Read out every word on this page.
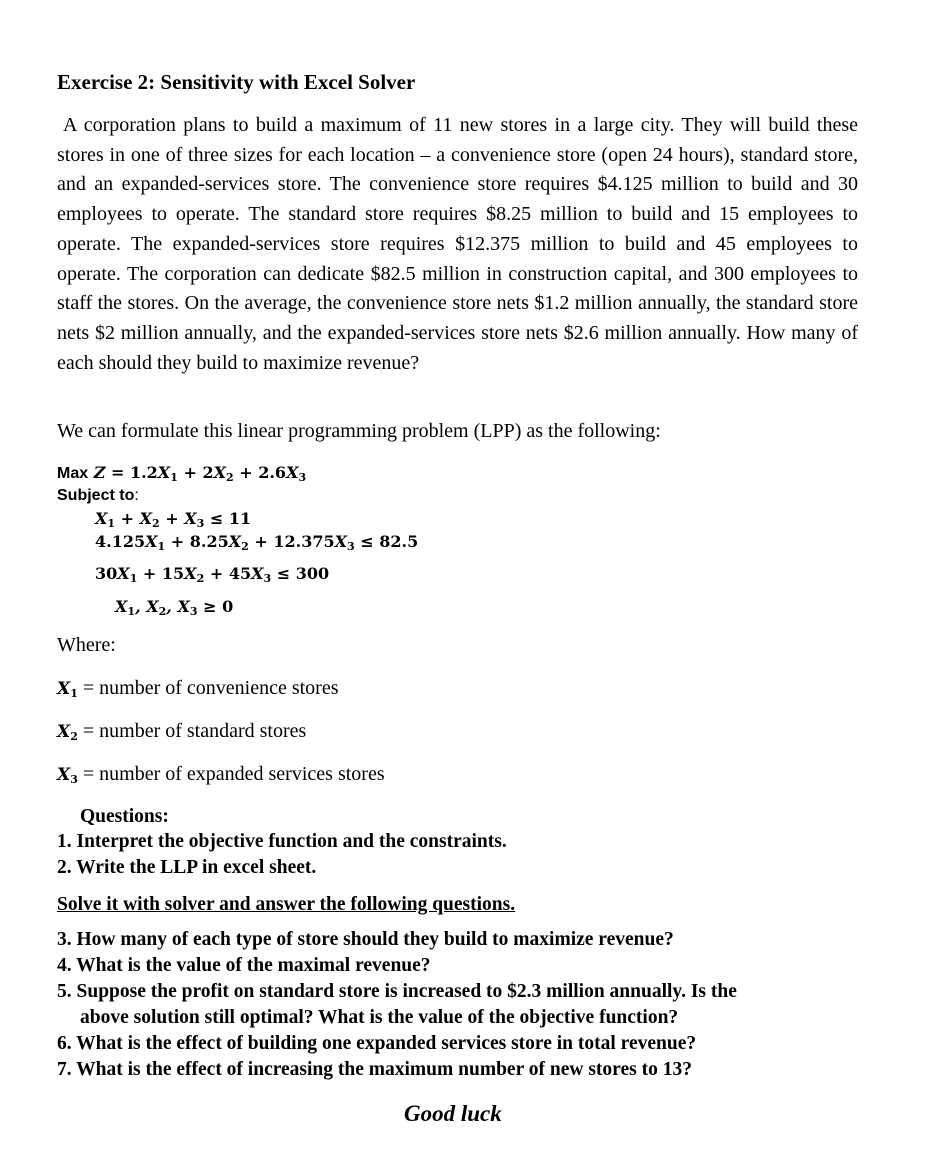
Exercise 2: Sensitivity with Excel Solver
A corporation plans to build a maximum of 11 new stores in a large city. They will build these stores in one of three sizes for each location – a convenience store (open 24 hours), standard store, and an expanded-services store. The convenience store requires $4.125 million to build and 30 employees to operate. The standard store requires $8.25 million to build and 15 employees to operate. The expanded-services store requires $12.375 million to build and 45 employees to operate. The corporation can dedicate $82.5 million in construction capital, and 300 employees to staff the stores. On the average, the convenience store nets $1.2 million annually, the standard store nets $2 million annually, and the expanded-services store nets $2.6 million annually. How many of each should they build to maximize revenue?
We can formulate this linear programming problem (LPP) as the following:
Max $Z = 1.2X_1 + 2X_2 + 2.6X_3$
Subject to:
$X_1 + X_2 + X_3 \le 11$
$4.125X_1 + 8.25X_2 + 12.375X_3 \le 82.5$
$30X_1 + 15X_2 + 45X_3 \le 300$
$X_1$, $X_2$, $X_3 \ge 0$
Where:
$X_1$ = number of convenience stores
$X_2$ = number of standard stores
$X_3$ = number of expanded services stores
Questions:
1. Interpret the objective function and the constraints.
2. Write the LLP in excel sheet.
Solve it with solver and answer the following questions.
3. How many of each type of store should they build to maximize revenue?
4. What is the value of the maximal revenue?
5. Suppose the profit on standard store is increased to $2.3 million annually. Is the
above solution still optimal? What is the value of the objective function?
6. What is the effect of building one expanded services store in total revenue?
7. What is the effect of increasing the maximum number of new stores to 13?
Good luck
